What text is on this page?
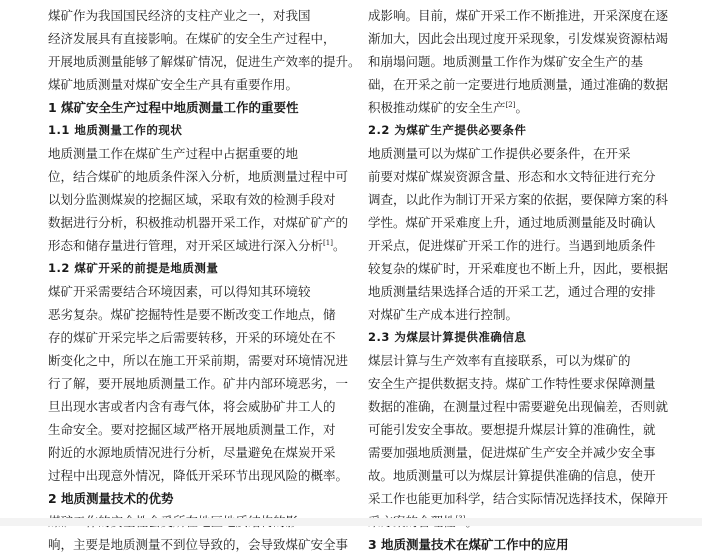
煤矿作为我国国民经济的支柱产业之一，对我国
经济发展具有直接影响。在煤矿的安全生产过程中，
开展地质测量能够了解煤矿情况，促进生产效率的提升。
煤矿地质测量对煤矿安全生产具有重要作用。
1 煤矿安全生产过程中地质测量工作的重要性
1.1 地质测量工作的现状
地质测量工作在煤矿生产过程中占据重要的地
位，结合煤矿的地质条件深入分析，地质测量过程中可
以划分监测煤炭的挖掘区域，采取有效的检测手段对
数据进行分析，积极推动机器开采工作，对煤矿矿产的
形态和储存量进行管理，对开采区域进行深入分析[1]。
1.2 煤矿开采的前提是地质测量
煤矿开采需要结合环境因素，可以得知其环境较
恶劣复杂。煤矿挖掘特性是要不断改变工作地点，储
存的煤矿开采完毕之后需要转移，开采的环境处在不
断变化之中，所以在施工开采前期，需要对环境情况进
行了解，要开展地质测量工作。矿井内部环境恶劣，一
旦出现水害或者内含有毒气体，将会威胁矿井工人的
生命安全。要对挖掘区域严格开展地质测量工作，对
附近的水源地质情况进行分析，尽量避免在煤炭开采
过程中出现意外情况，降低开采环节出现风险的概率。
2 地质测量技术的优势
响，主要是地质测量不到位导致的，会导致煤矿安全事
成影响。目前，煤矿开采工作不断推进，开采深度在逐
渐加大，因此会出现过度开采现象，引发煤炭资源枯竭
和崩塌问题。地质测量工作作为煤矿安全生产的基
础，在开采之前一定要进行地质测量，通过准确的数据
积极推动煤矿的安全生产[2]。
2.2 为煤矿生产提供必要条件
地质测量可以为煤矿工作提供必要条件，在开采
前要对煤矿煤炭资源含量、形态和水文特征进行充分
调查，以此作为制订开采方案的依据，要保障方案的科
学性。煤矿开采难度上升，通过地质测量能及时确认
开采点，促进煤矿开采工作的进行。当遇到地质条件
较复杂的煤矿时，开采难度也不断上升，因此，要根据
地质测量结果选择合适的开采工艺，通过合理的安排
对煤矿生产成本进行控制。
2.3 为煤层计算提供准确信息
煤层计算与生产效率有直接联系，可以为煤矿的
安全生产提供数据支持。煤矿工作特性要求保障测量
数据的准确，在测量过程中需要避免出现偏差，否则就
可能引发安全事故。要想提升煤层计算的准确性，就
需要加强地质测量，促进煤矿生产安全并减少安全事
故。地质测量可以为煤层计算提供准确的信息，使开
采工作也能更加科学，结合实际情况选择技术，保障开
3 地质测量技术在煤矿工作中的应用
